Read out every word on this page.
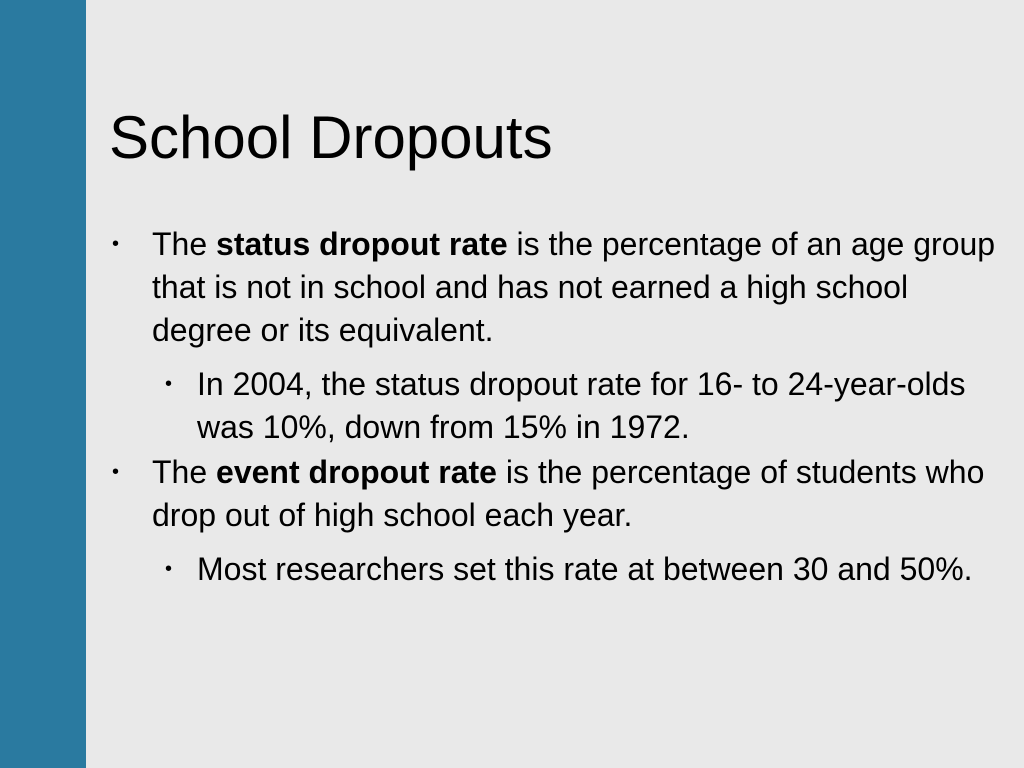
School Dropouts
• The status dropout rate is the percentage of an age group that is not in school and has not earned a high school degree or its equivalent.
• In 2004, the status dropout rate for 16- to 24-year-olds was 10%, down from 15% in 1972.
• The event dropout rate is the percentage of students who drop out of high school each year.
• Most researchers set this rate at between 30 and 50%.
